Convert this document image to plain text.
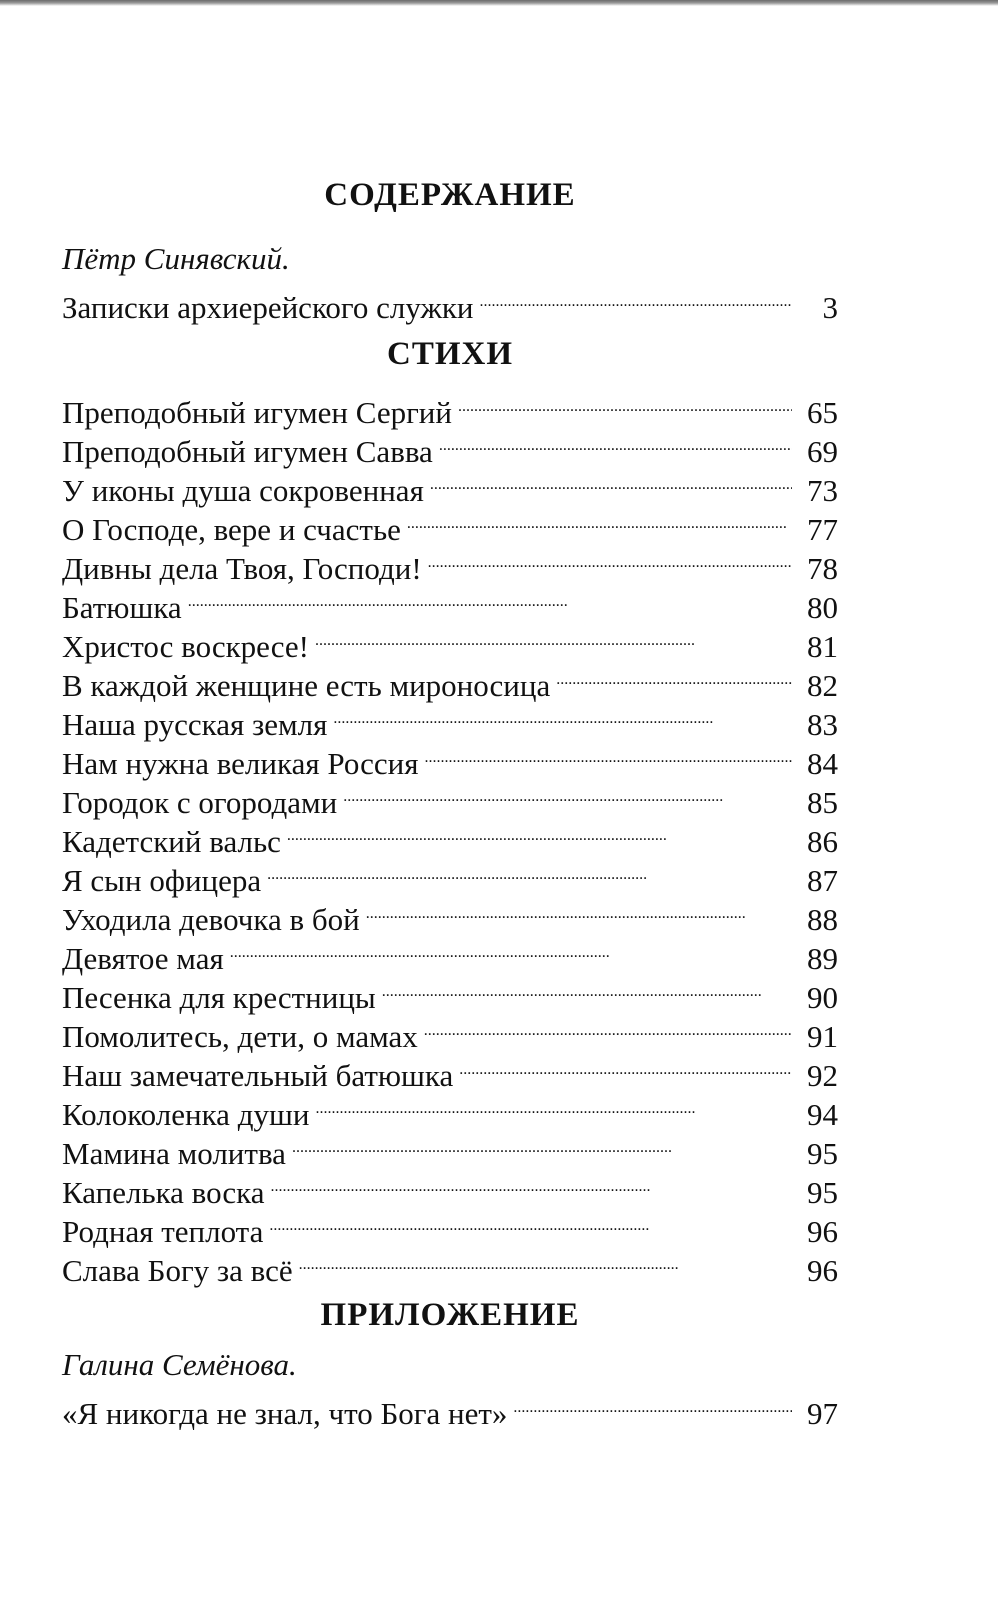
СОДЕРЖАНИЕ
Пётр Синявский.
Записки архиерейского служки . . .	3
СТИХИ
Преподобный игумен Сергий . . .	65
Преподобный игумен Савва . . .	69
У иконы душа сокровенная . . .	73
О Господе, вере и счастье . . .	77
Дивны дела Твоя, Господи! . . .	78
Батюшка . . .	80
Христос воскресе! . . .	81
В каждой женщине есть мироносица . . .	82
Наша русская земля . . .	83
Нам нужна великая Россия . . .	84
Городок с огородами . . .	85
Кадетский вальс . . .	86
Я сын офицера . . .	87
Уходила девочка в бой . . .	88
Девятое мая . . .	89
Песенка для крестницы . . .	90
Помолитесь, дети, о мамах . . .	91
Наш замечательный батюшка . . .	92
Колоколенка души . . .	94
Мамина молитва . . .	95
Капелька воска . . .	95
Родная теплота . . .	96
Слава Богу за всё . . .	96
ПРИЛОЖЕНИЕ
Галина Семёнова.
«Я никогда не знал, что Бога нет» . . .	97
